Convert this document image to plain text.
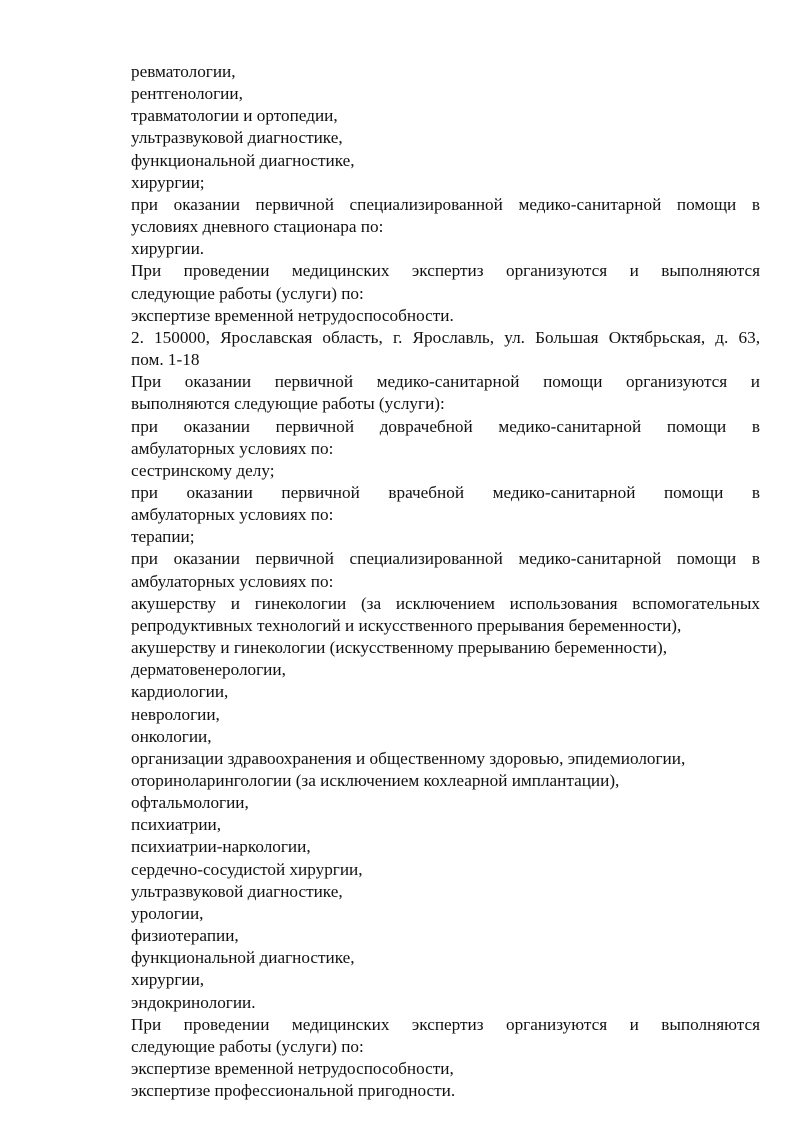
ревматологии,
рентгенологии,
травматологии и ортопедии,
ультразвуковой диагностике,
функциональной диагностике,
хирургии;
при оказании первичной специализированной медико-санитарной помощи в
условиях дневного стационара по:
хирургии.
При проведении медицинских экспертиз организуются и выполняются
следующие работы (услуги) по:
экспертизе временной нетрудоспособности.
2. 150000, Ярославская область, г. Ярославль, ул. Большая Октябрьская, д. 63,
пом. 1-18
При оказании первичной медико-санитарной помощи организуются и
выполняются следующие работы (услуги):
при оказании первичной доврачебной медико-санитарной помощи в
амбулаторных условиях по:
сестринскому делу;
при оказании первичной врачебной медико-санитарной помощи в
амбулаторных условиях по:
терапии;
при оказании первичной специализированной медико-санитарной помощи в
амбулаторных условиях по:
акушерству и гинекологии (за исключением использования вспомогательных
репродуктивных технологий и искусственного прерывания беременности),
акушерству и гинекологии (искусственному прерыванию беременности),
дерматовенерологии,
кардиологии,
неврологии,
онкологии,
организации здравоохранения и общественному здоровью, эпидемиологии,
оториноларингологии (за исключением кохлеарной имплантации),
офтальмологии,
психиатрии,
психиатрии-наркологии,
сердечно-сосудистой хирургии,
ультразвуковой диагностике,
урологии,
физиотерапии,
функциональной диагностике,
хирургии,
эндокринологии.
При проведении медицинских экспертиз организуются и выполняются
следующие работы (услуги) по:
экспертизе временной нетрудоспособности,
экспертизе профессиональной пригодности.
